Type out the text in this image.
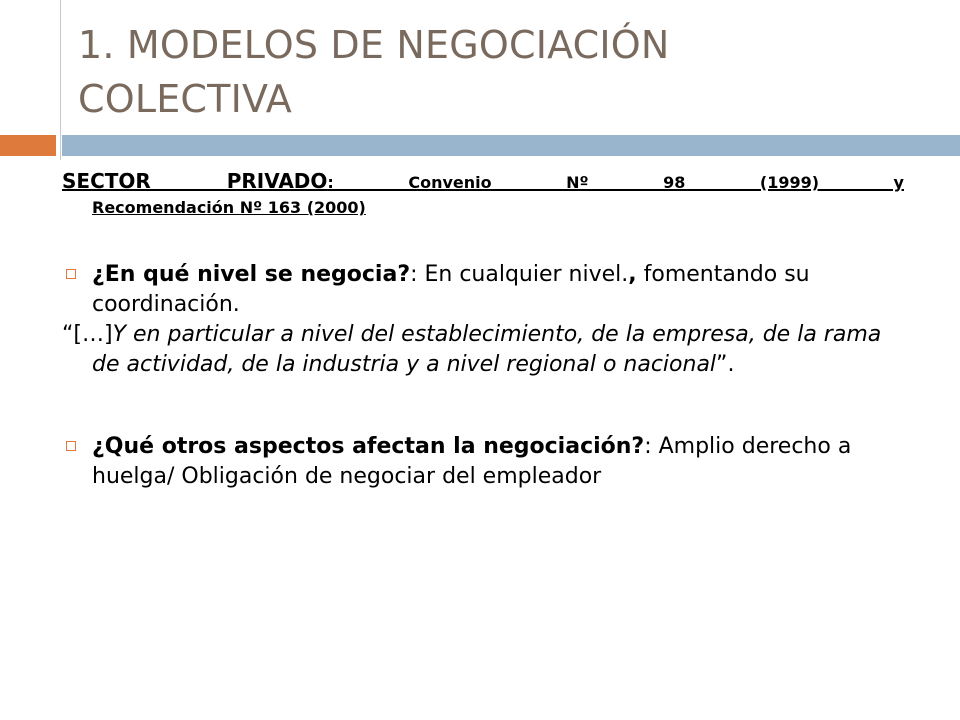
1. MODELOS DE NEGOCIACIÓN
COLECTIVA

SECTOR PRIVADO: Convenio Nº 98 (1999) y

Recomendación Nº 163 (2000)

¿En qué nivel se negocia?: En cualquier nivel., fomentando su coordinación.

“[…]Y en particular a nivel del establecimiento, de la empresa, de la rama de actividad, de la industria y a nivel regional o nacional”.

¿Qué otros aspectos afectan la negociación?: Amplio derecho a huelga/ Obligación de negociar del empleador
